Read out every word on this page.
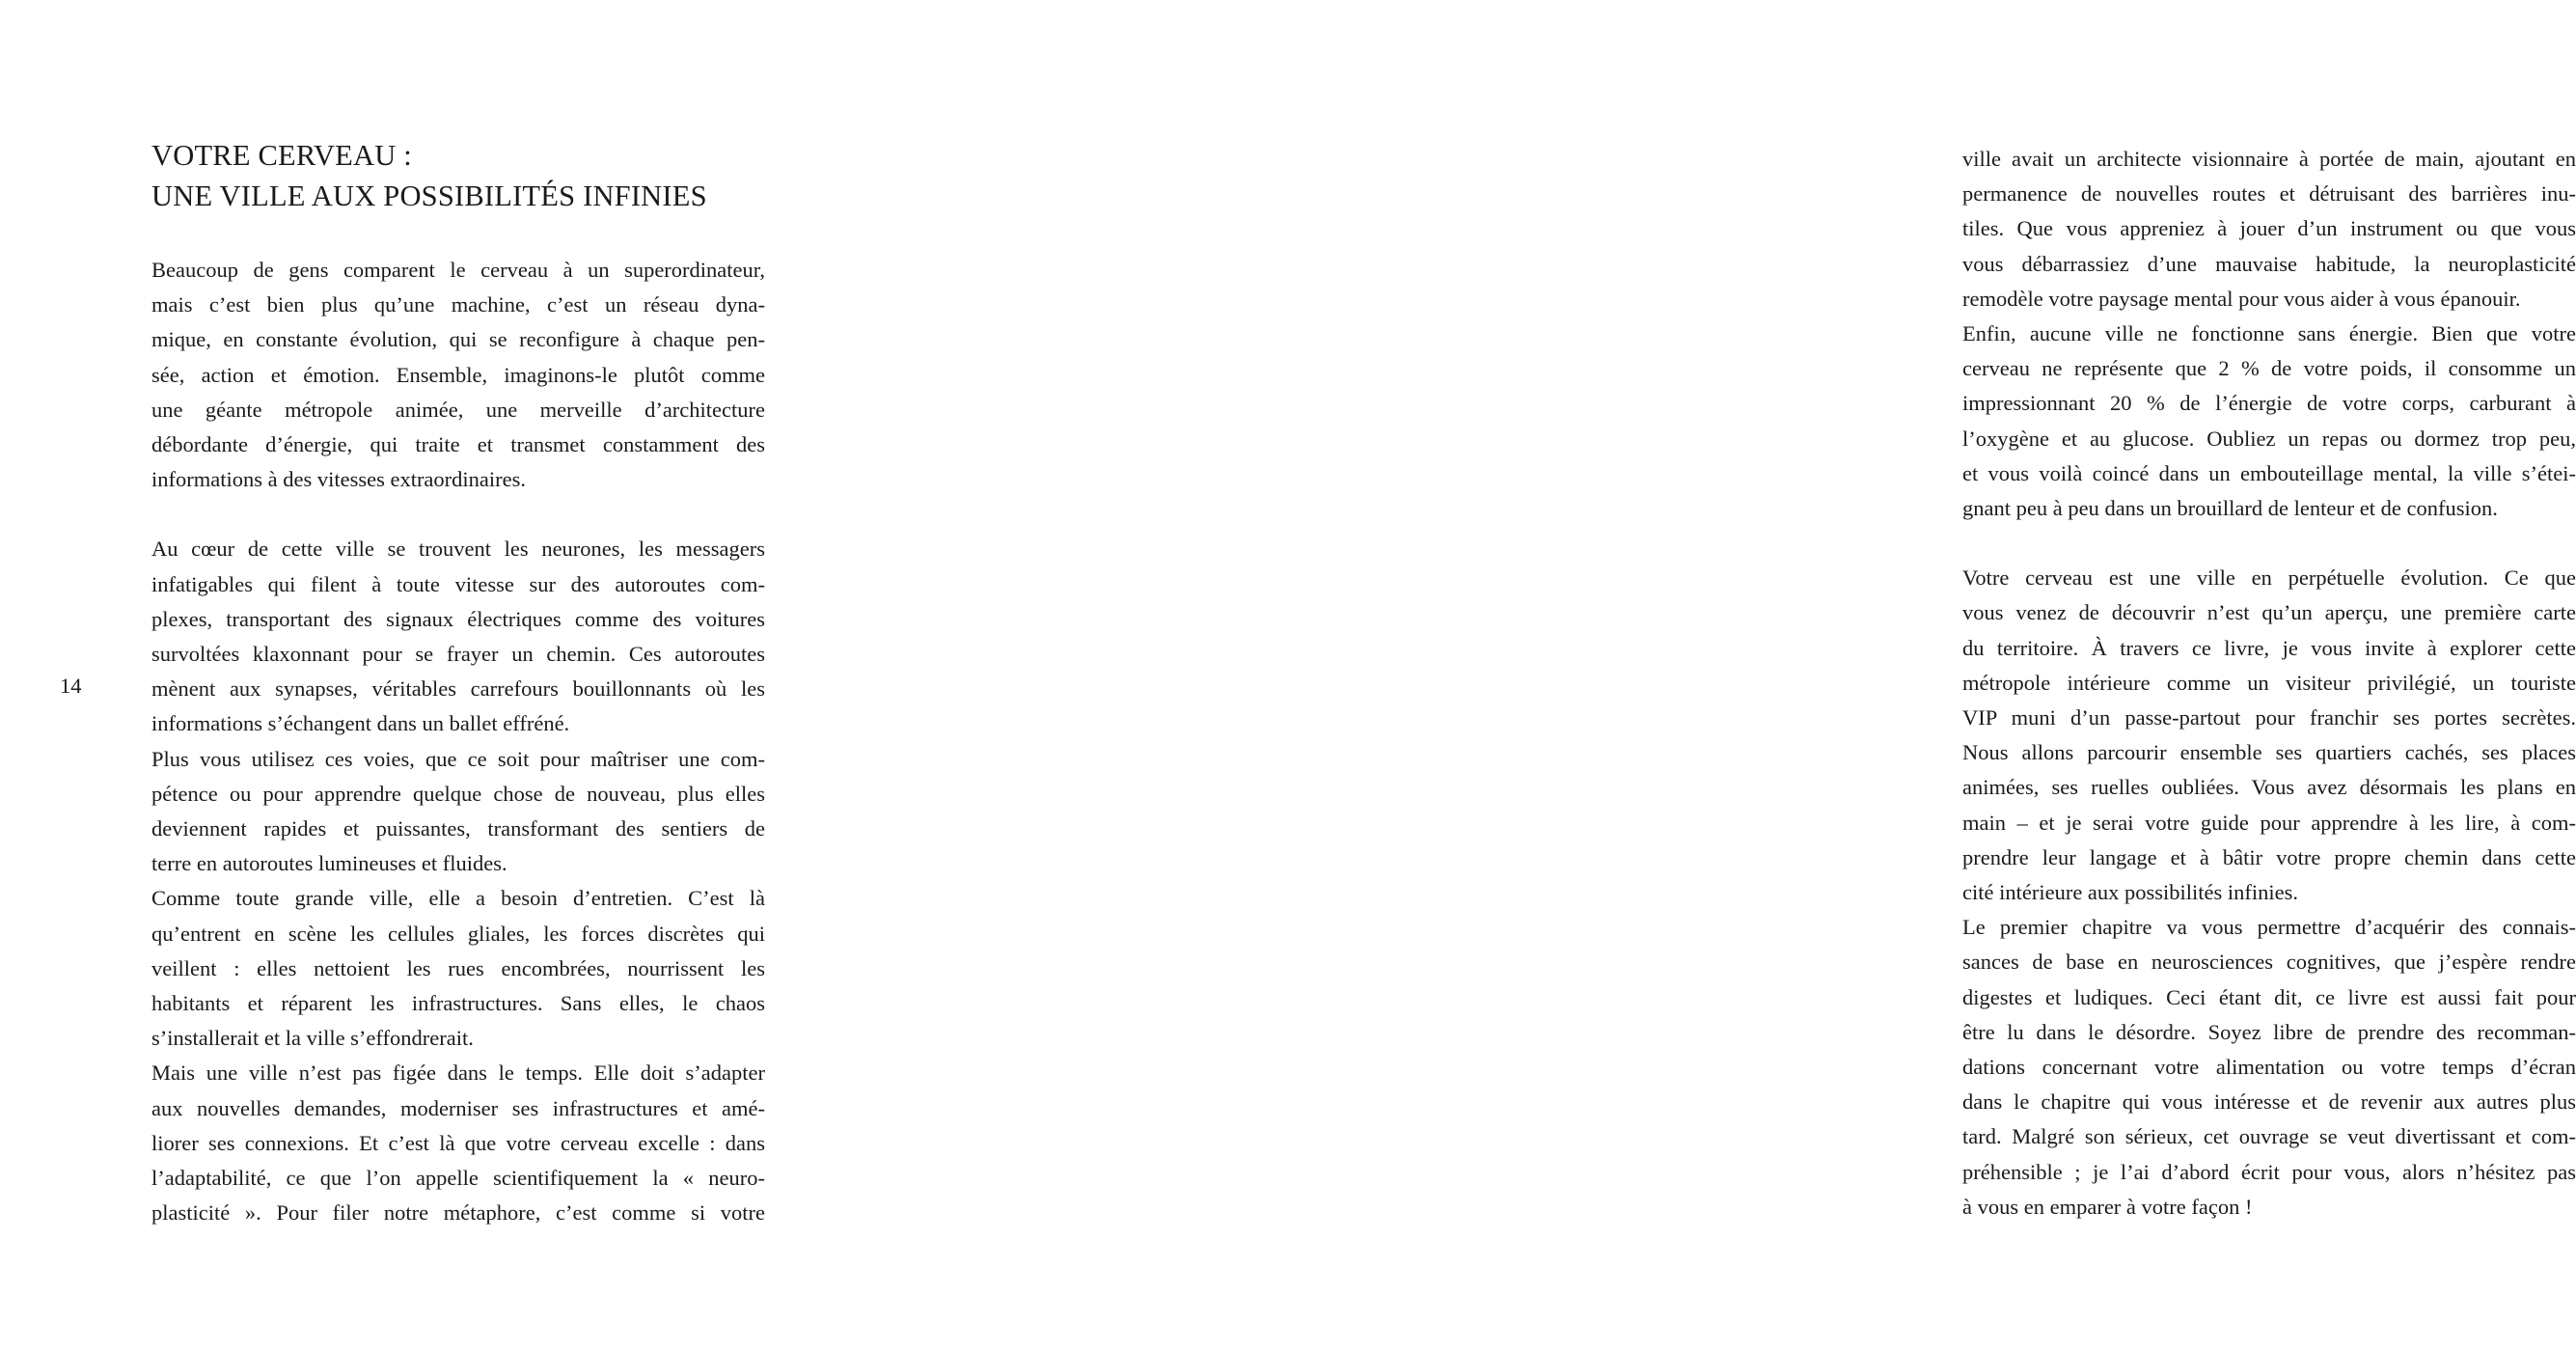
VOTRE CERVEAU :
UNE VILLE AUX POSSIBILITÉS INFINIES
14

Beaucoup de gens comparent le cerveau à un superordinateur,
mais c’est bien plus qu’une machine, c’est un réseau dyna-
mique, en constante évolution, qui se reconfigure à chaque pen-
sée, action et émotion. Ensemble, imaginons-le plutôt comme
une géante métropole animée, une merveille d’architecture
débordante d’énergie, qui traite et transmet constamment des
informations à des vitesses extraordinaires.

Au cœur de cette ville se trouvent les neurones, les messagers
infatigables qui filent à toute vitesse sur des autoroutes com-
plexes, transportant des signaux électriques comme des voitures
survoltées klaxonnant pour se frayer un chemin. Ces autoroutes
mènent aux synapses, véritables carrefours bouillonnants où les
informations s’échangent dans un ballet effréné.

Plus vous utilisez ces voies, que ce soit pour maîtriser une com-
pétence ou pour apprendre quelque chose de nouveau, plus elles
deviennent rapides et puissantes, transformant des sentiers de
terre en autoroutes lumineuses et fluides.

Comme toute grande ville, elle a besoin d’entretien. C’est là
qu’entrent en scène les cellules gliales, les forces discrètes qui
veillent : elles nettoient les rues encombrées, nourrissent les
habitants et réparent les infrastructures. Sans elles, le chaos
s’installerait et la ville s’effondrerait.

Mais une ville n’est pas figée dans le temps. Elle doit s’adapter
aux nouvelles demandes, moderniser ses infrastructures et amé-
liorer ses connexions. Et c’est là que votre cerveau excelle : dans
l’adaptabilité, ce que l’on appelle scientifiquement la « neuro-
plasticité ». Pour filer notre métaphore, c’est comme si votre

ville avait un architecte visionnaire à portée de main, ajoutant en
permanence de nouvelles routes et détruisant des barrières inu-
tiles. Que vous appreniez à jouer d’un instrument ou que vous
vous débarrassiez d’une mauvaise habitude, la neuroplasticité
remodèle votre paysage mental pour vous aider à vous épanouir.

Enfin, aucune ville ne fonctionne sans énergie. Bien que votre
cerveau ne représente que 2 % de votre poids, il consomme un
impressionnant 20 % de l’énergie de votre corps, carburant à
l’oxygène et au glucose. Oubliez un repas ou dormez trop peu,
et vous voilà coincé dans un embouteillage mental, la ville s’étei-
gnant peu à peu dans un brouillard de lenteur et de confusion.

Votre cerveau est une ville en perpétuelle évolution. Ce que
vous venez de découvrir n’est qu’un aperçu, une première carte
du territoire. À travers ce livre, je vous invite à explorer cette
métropole intérieure comme un visiteur privilégié, un touriste
VIP muni d’un passe-partout pour franchir ses portes secrètes.
Nous allons parcourir ensemble ses quartiers cachés, ses places
animées, ses ruelles oubliées. Vous avez désormais les plans en
main – et je serai votre guide pour apprendre à les lire, à com-
prendre leur langage et à bâtir votre propre chemin dans cette
cité intérieure aux possibilités infinies.

Le premier chapitre va vous permettre d’acquérir des connais-
sances de base en neurosciences cognitives, que j’espère rendre
digestes et ludiques. Ceci étant dit, ce livre est aussi fait pour
être lu dans le désordre. Soyez libre de prendre des recomman-
dations concernant votre alimentation ou votre temps d’écran
dans le chapitre qui vous intéresse et de revenir aux autres plus
tard. Malgré son sérieux, cet ouvrage se veut divertissant et com-
préhensible ; je l’ai d’abord écrit pour vous, alors n’hésitez pas
à vous en emparer à votre façon !
